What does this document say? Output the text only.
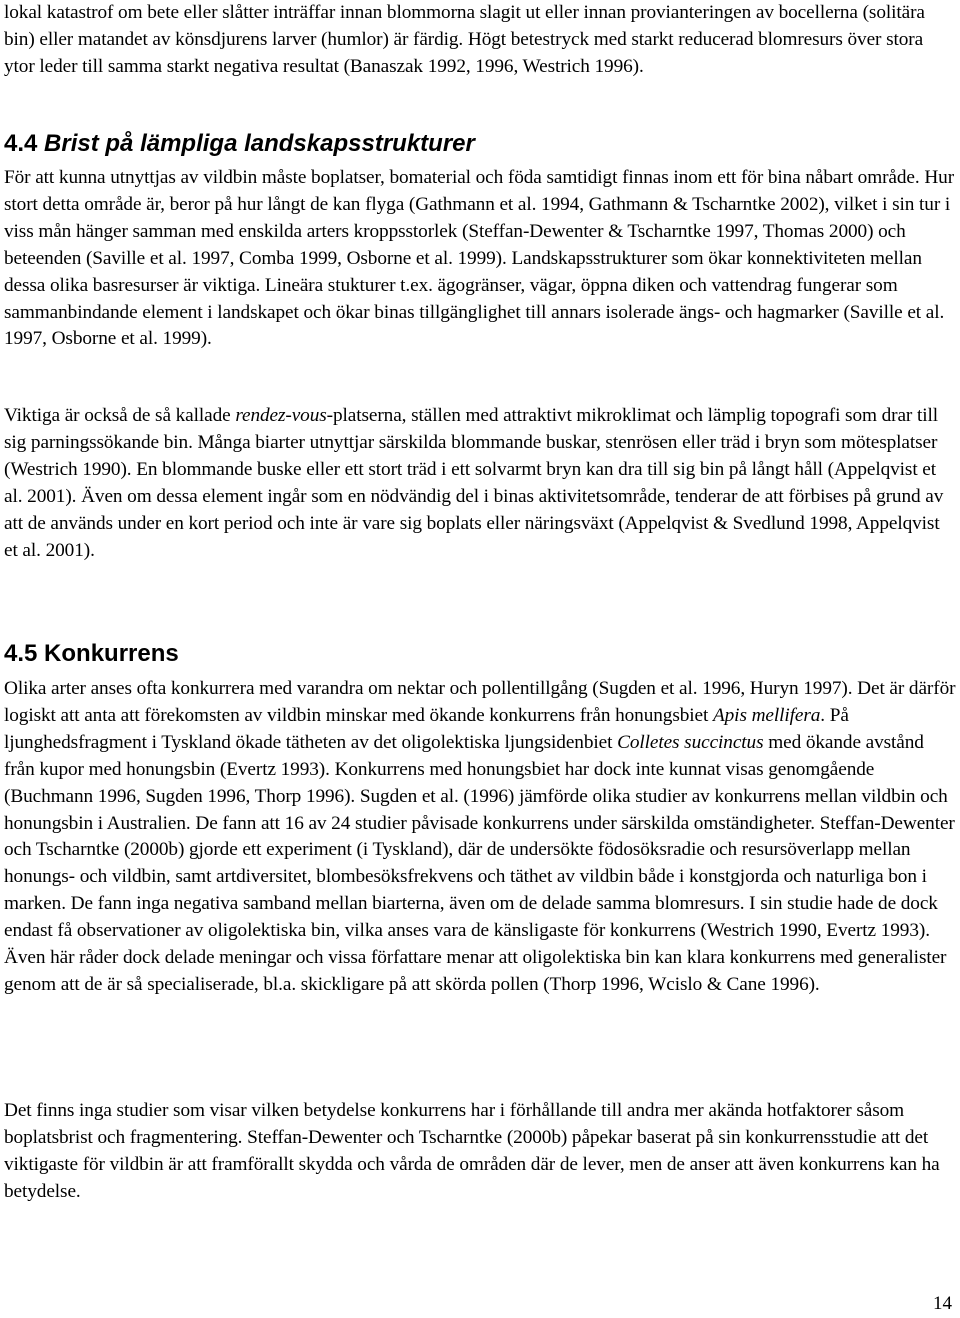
lokal katastrof om bete eller slåtter inträffar innan blommorna slagit ut eller innan provianteringen av bocellerna (solitära bin) eller matandet av könsdjurens larver (humlor) är färdig. Högt betestryck med starkt reducerad blomresurs över stora ytor leder till samma starkt negativa resultat (Banaszak 1992, 1996, Westrich 1996).

4.4 Brist på lämpliga landskapsstrukturer

För att kunna utnyttjas av vildbin måste boplatser, bomaterial och föda samtidigt finnas inom ett för bina nåbart område. Hur stort detta område är, beror på hur långt de kan flyga (Gathmann et al. 1994, Gathmann & Tscharntke 2002), vilket i sin tur i viss mån hänger samman med enskilda arters kroppsstorlek (Steffan-Dewenter & Tscharntke 1997, Thomas 2000) och beteenden (Saville et al. 1997, Comba 1999, Osborne et al. 1999). Landskapsstrukturer som ökar konnektiviteten mellan dessa olika basresurser är viktiga. Lineära stukturer t.ex. ägogränser, vägar, öppna diken och vattendrag fungerar som sammanbindande element i landskapet och ökar binas tillgänglighet till annars isolerade ängs- och hagmarker (Saville et al. 1997, Osborne et al. 1999).

Viktiga är också de så kallade rendez-vous-platserna, ställen med attraktivt mikroklimat och lämplig topografi som drar till sig parningssökande bin. Många biarter utnyttjar särskilda blommande buskar, stenrösen eller träd i bryn som mötesplatser (Westrich 1990). En blommande buske eller ett stort träd i ett solvarmt bryn kan dra till sig bin på långt håll (Appelqvist et al. 2001). Även om dessa element ingår som en nödvändig del i binas aktivitetsområde, tenderar de att förbises på grund av att de används under en kort period och inte är vare sig boplats eller näringsväxt (Appelqvist & Svedlund 1998, Appelqvist et al. 2001).

4.5 Konkurrens

Olika arter anses ofta konkurrera med varandra om nektar och pollentillgång (Sugden et al. 1996, Huryn 1997). Det är därför logiskt att anta att förekomsten av vildbin minskar med ökande konkurrens från honungsbiet Apis mellifera. På ljunghedsfragment i Tyskland ökade tätheten av det oligolektiska ljungsidenbiet Colletes succinctus med ökande avstånd från kupor med honungsbin (Evertz 1993). Konkurrens med honungsbiet har dock inte kunnat visas genomgående (Buchmann 1996, Sugden 1996, Thorp 1996). Sugden et al. (1996) jämförde olika studier av konkurrens mellan vildbin och honungsbin i Australien. De fann att 16 av 24 studier påvisade konkurrens under särskilda omständigheter. Steffan-Dewenter och Tscharntke (2000b) gjorde ett experiment (i Tyskland), där de undersökte födosöksradie och resursöverlapp mellan honungs- och vildbin, samt artdiversitet, blombesöksfrekvens och täthet av vildbin både i konstgjorda och naturliga bon i marken. De fann inga negativa samband mellan biarterna, även om de delade samma blomresurs. I sin studie hade de dock endast få observationer av oligolektiska bin, vilka anses vara de känsligaste för konkurrens (Westrich 1990, Evertz 1993). Även här råder dock delade meningar och vissa författare menar att oligolektiska bin kan klara konkurrens med generalister genom att de är så specialiserade, bl.a. skickligare på att skörda pollen (Thorp 1996, Wcislo & Cane 1996).

Det finns inga studier som visar vilken betydelse konkurrens har i förhållande till andra mer akända hotfaktorer såsom boplatsbrist och fragmentering. Steffan-Dewenter och Tscharntke (2000b) påpekar baserat på sin konkurrensstudie att det viktigaste för vildbin är att framförallt skydda och vårda de områden där de lever, men de anser att även konkurrens kan ha betydelse.

14
